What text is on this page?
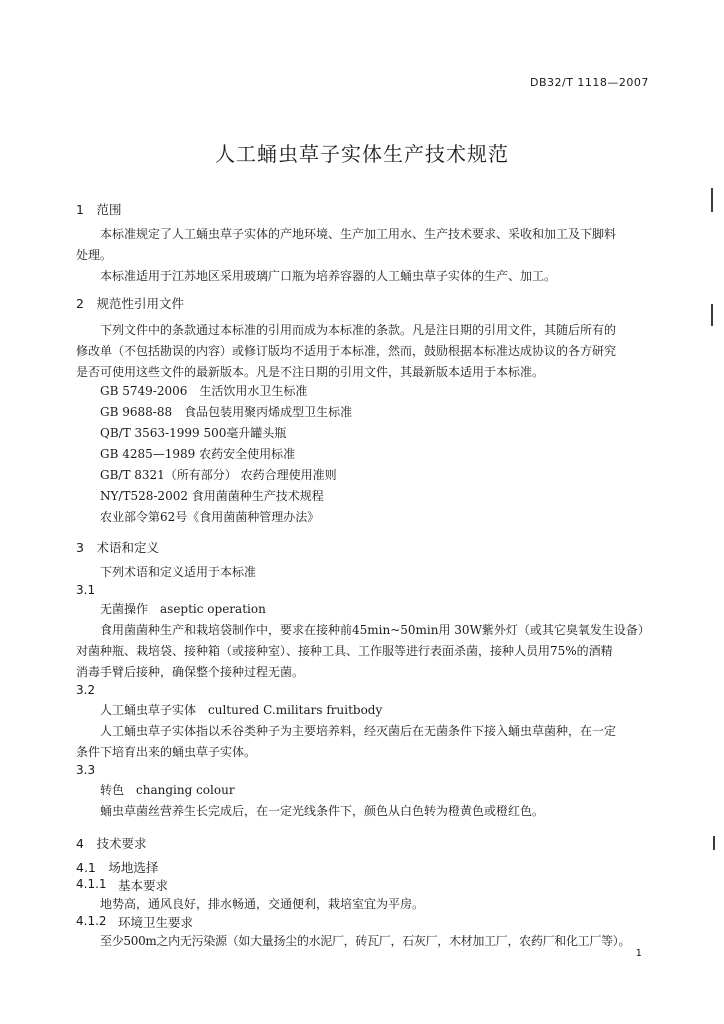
DB32/T 1118—2007
人工蛹虫草子实体生产技术规范
1　范围
本标准规定了人工蛹虫草子实体的产地环境、生产加工用水、生产技术要求、采收和加工及下脚料
处理。
本标准适用于江苏地区采用玻璃广口瓶为培养容器的人工蛹虫草子实体的生产、加工。
2　规范性引用文件
下列文件中的条款通过本标准的引用而成为本标准的条款。凡是注日期的引用文件，其随后所有的
修改单（不包括勘误的内容）或修订版均不适用于本标准，然而，鼓励根据本标准达成协议的各方研究
是否可使用这些文件的最新版本。凡是不注日期的引用文件，其最新版本适用于本标准。
GB 5749-2006　生活饮用水卫生标准
GB 9688-88　食品包装用聚丙烯成型卫生标准
QB/T 3563-1999 500毫升罐头瓶
GB 4285—1989 农药安全使用标准
GB/T 8321（所有部分） 农药合理使用准则
NY/T528-2002 食用菌菌种生产技术规程
农业部令第62号《食用菌菌种管理办法》
3　术语和定义
下列术语和定义适用于本标准
3.1
无菌操作　aseptic operation
食用菌菌种生产和栽培袋制作中，要求在接种前45min~50min用 30W紫外灯（或其它臭氧发生设备）
对菌种瓶、栽培袋、接种箱（或接种室）、接种工具、工作服等进行表面杀菌，接种人员用75%的酒精
消毒手臂后接种，确保整个接种过程无菌。
3.2
人工蛹虫草子实体　cultured C.militars fruitbody
人工蛹虫草子实体指以禾谷类种子为主要培养料，经灭菌后在无菌条件下接入蛹虫草菌种，在一定
条件下培育出来的蛹虫草子实体。
3.3
转色　changing colour
蛹虫草菌丝营养生长完成后，在一定光线条件下，颜色从白色转为橙黄色或橙红色。
4　技术要求
4.1　场地选择
4.1.1 基本要求
地势高，通风良好，排水畅通，交通便利，栽培室宜为平房。
4.1.2 环境卫生要求
至少500m之内无污染源（如大量扬尘的水泥厂，砖瓦厂，石灰厂，木材加工厂，农药厂和化工厂等）。
1
